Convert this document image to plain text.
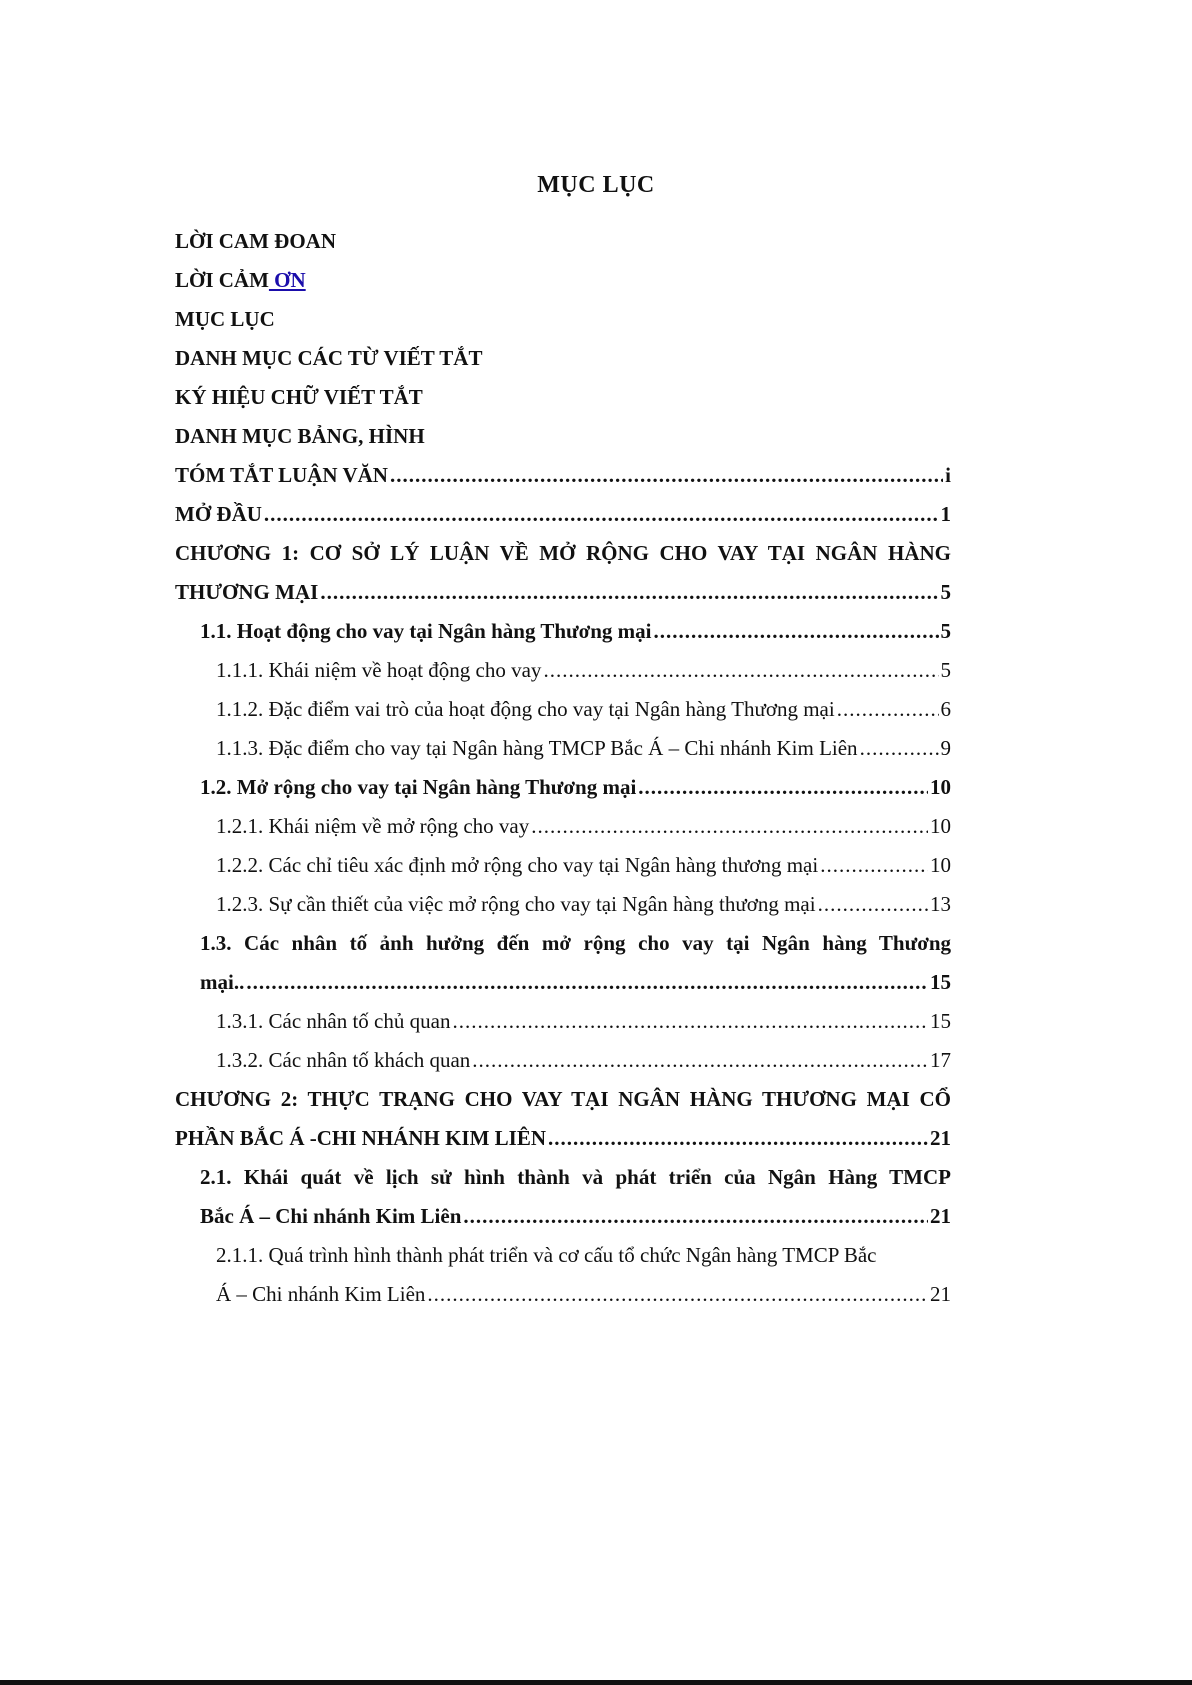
MỤC LỤC
LỜI CAM ĐOAN
LỜI CẢM ƠN
MỤC LỤC
DANH MỤC CÁC TỪ VIẾT TẮT
KÝ HIỆU CHỮ VIẾT TẮT
DANH MỤC BẢNG, HÌNH
TÓM TẮT LUẬN VĂN .....	i
MỞ ĐẦU .....	1
CHƯƠNG 1: CƠ SỞ LÝ LUẬN VỀ MỞ RỘNG CHO VAY TẠI NGÂN HÀNG
THƯƠNG MẠI .....	5
1.1. Hoạt động cho vay tại Ngân hàng Thương mại .....	5
1.1.1. Khái niệm về hoạt động cho vay .....	5
1.1.2. Đặc điểm vai trò của hoạt động cho vay tại Ngân hàng Thương mại .....	6
1.1.3. Đặc điểm cho vay tại Ngân hàng TMCP Bắc Á – Chi nhánh Kim Liên .....	9
1.2. Mở rộng cho vay tại Ngân hàng Thương mại .....	10
1.2.1. Khái niệm về mở rộng cho vay .....	10
1.2.2. Các chỉ tiêu xác định mở rộng cho vay tại Ngân hàng thương mại .....	10
1.2.3. Sự cần thiết của việc mở rộng cho vay tại Ngân hàng thương mại .....	13
1.3. Các nhân tố ảnh hưởng đến mở rộng cho vay tại Ngân hàng Thương
mại.. .....	15
1.3.1. Các nhân tố chủ quan .....	15
1.3.2. Các nhân tố khách quan .....	17
CHƯƠNG 2: THỰC TRẠNG CHO VAY TẠI NGÂN HÀNG THƯƠNG MẠI CỔ
PHẦN BẮC Á -CHI NHÁNH KIM LIÊN .....	21
2.1. Khái quát về lịch sử hình thành và phát triển của Ngân Hàng TMCP
Bắc Á – Chi nhánh Kim Liên .....	21
2.1.1. Quá trình hình thành phát triển và cơ cấu tổ chức Ngân hàng TMCP Bắc
Á – Chi nhánh Kim Liên .....	21
